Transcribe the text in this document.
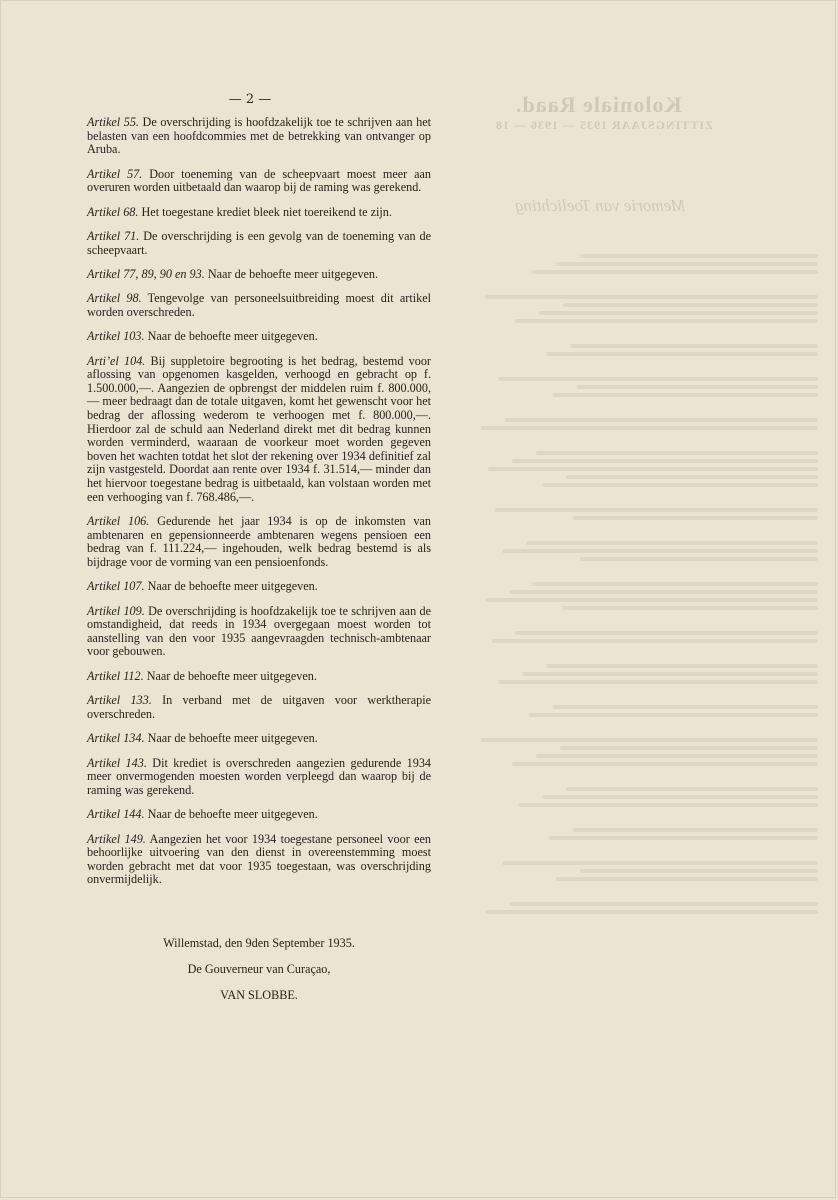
Koloniale Raad.
ZITTINGSJAAR 1935 — 1936 — 18
Memorie van Toelichting
— 2 —

Artikel 55. De overschrijding is hoofdzakelijk toe te schrijven aan het belasten van een hoofdcommies met de betrekking van ontvanger op Aruba.

Artikel 57. Door toeneming van de scheepvaart moest meer aan overuren worden uitbetaald dan waarop bij de raming was gerekend.

Artikel 68. Het toegestane krediet bleek niet toereikend te zijn.

Artikel 71. De overschrijding is een gevolg van de toeneming van de scheepvaart.

Artikel 77, 89, 90 en 93. Naar de behoefte meer uitgegeven.

Artikel 98. Tengevolge van personeelsuitbreiding moest dit artikel worden overschreden.

Artikel 103. Naar de behoefte meer uitgegeven.

Arti’el 104. Bij suppletoire begrooting is het bedrag, bestemd voor aflossing van opgenomen kasgelden, verhoogd en gebracht op f. 1.500.000,—. Aangezien de opbrengst der middelen ruim f. 800.000,— meer bedraagt dan de totale uitgaven, komt het gewenscht voor het bedrag der aflossing wederom te verhoogen met f. 800.000,—. Hierdoor zal de schuld aan Nederland direkt met dit bedrag kunnen worden verminderd, waaraan de voorkeur moet worden gegeven boven het wachten totdat het slot der rekening over 1934 definitief zal zijn vastgesteld. Doordat aan rente over 1934 f. 31.514,— minder dan het hiervoor toegestane bedrag is uitbetaald, kan volstaan worden met een verhooging van f. 768.486,—.

Artikel 106. Gedurende het jaar 1934 is op de inkomsten van ambtenaren en gepensionneerde ambtenaren wegens pensioen een bedrag van f. 111.224,— ingehouden, welk bedrag bestemd is als bijdrage voor de vorming van een pensioenfonds.

Artikel 107. Naar de behoefte meer uitgegeven.

Artikel 109. De overschrijding is hoofdzakelijk toe te schrijven aan de omstandigheid, dat reeds in 1934 overgegaan moest worden tot aanstelling van den voor 1935 aangevraagden technisch-ambtenaar voor gebouwen.

Artikel 112. Naar de behoefte meer uitgegeven.

Artikel 133. In verband met de uitgaven voor werktherapie overschreden.

Artikel 134. Naar de behoefte meer uitgegeven.

Artikel 143. Dit krediet is overschreden aangezien gedurende 1934 meer onvermogenden moesten worden verpleegd dan waarop bij de raming was gerekend.

Artikel 144. Naar de behoefte meer uitgegeven.

Artikel 149. Aangezien het voor 1934 toegestane personeel voor een behoorlijke uitvoering van den dienst in overeenstemming moest worden gebracht met dat voor 1935 toegestaan, was overschrijding onvermijdelijk.

Willemstad, den 9den September 1935.
De Gouverneur van Curaçao,
VAN SLOBBE.
